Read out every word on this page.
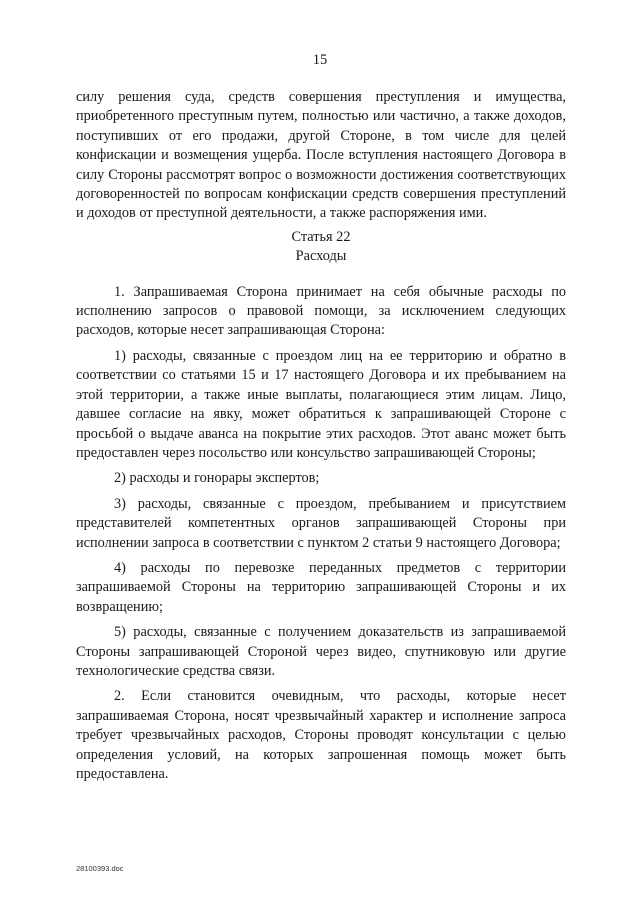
15

силу решения суда, средств совершения преступления и имущества, приобретенного преступным путем, полностью или частично, а также доходов, поступивших от его продажи, другой Стороне, в том числе для целей конфискации и возмещения ущерба. После вступления настоящего Договора в силу Стороны рассмотрят вопрос о возможности достижения соответствующих договоренностей по вопросам конфискации средств совершения преступлений и доходов от преступной деятельности, а также распоряжения ими.

Статья 22

Расходы

1. Запрашиваемая Сторона принимает на себя обычные расходы по исполнению запросов о правовой помощи, за исключением следующих расходов, которые несет запрашивающая Сторона:

1) расходы, связанные с проездом лиц на ее территорию и обратно в соответствии со статьями 15 и 17 настоящего Договора и их пребыванием на этой территории, а также иные выплаты, полагающиеся этим лицам. Лицо, давшее согласие на явку, может обратиться к запрашивающей Стороне с просьбой о выдаче аванса на покрытие этих расходов. Этот аванс может быть предоставлен через посольство или консульство запрашивающей Стороны;

2) расходы и гонорары экспертов;

3) расходы, связанные с проездом, пребыванием и присутствием представителей компетентных органов запрашивающей Стороны при исполнении запроса в соответствии с пунктом 2 статьи 9 настоящего Договора;

4) расходы по перевозке переданных предметов с территории запрашиваемой Стороны на территорию запрашивающей Стороны и их возвращению;

5) расходы, связанные с получением доказательств из запрашиваемой Стороны запрашивающей Стороной через видео, спутниковую или другие технологические средства связи.

2. Если становится очевидным, что расходы, которые несет запрашиваемая Сторона, носят чрезвычайный характер и исполнение запроса требует чрезвычайных расходов, Стороны проводят консультации с целью определения условий, на которых запрошенная помощь может быть предоставлена.

28100393.doc
